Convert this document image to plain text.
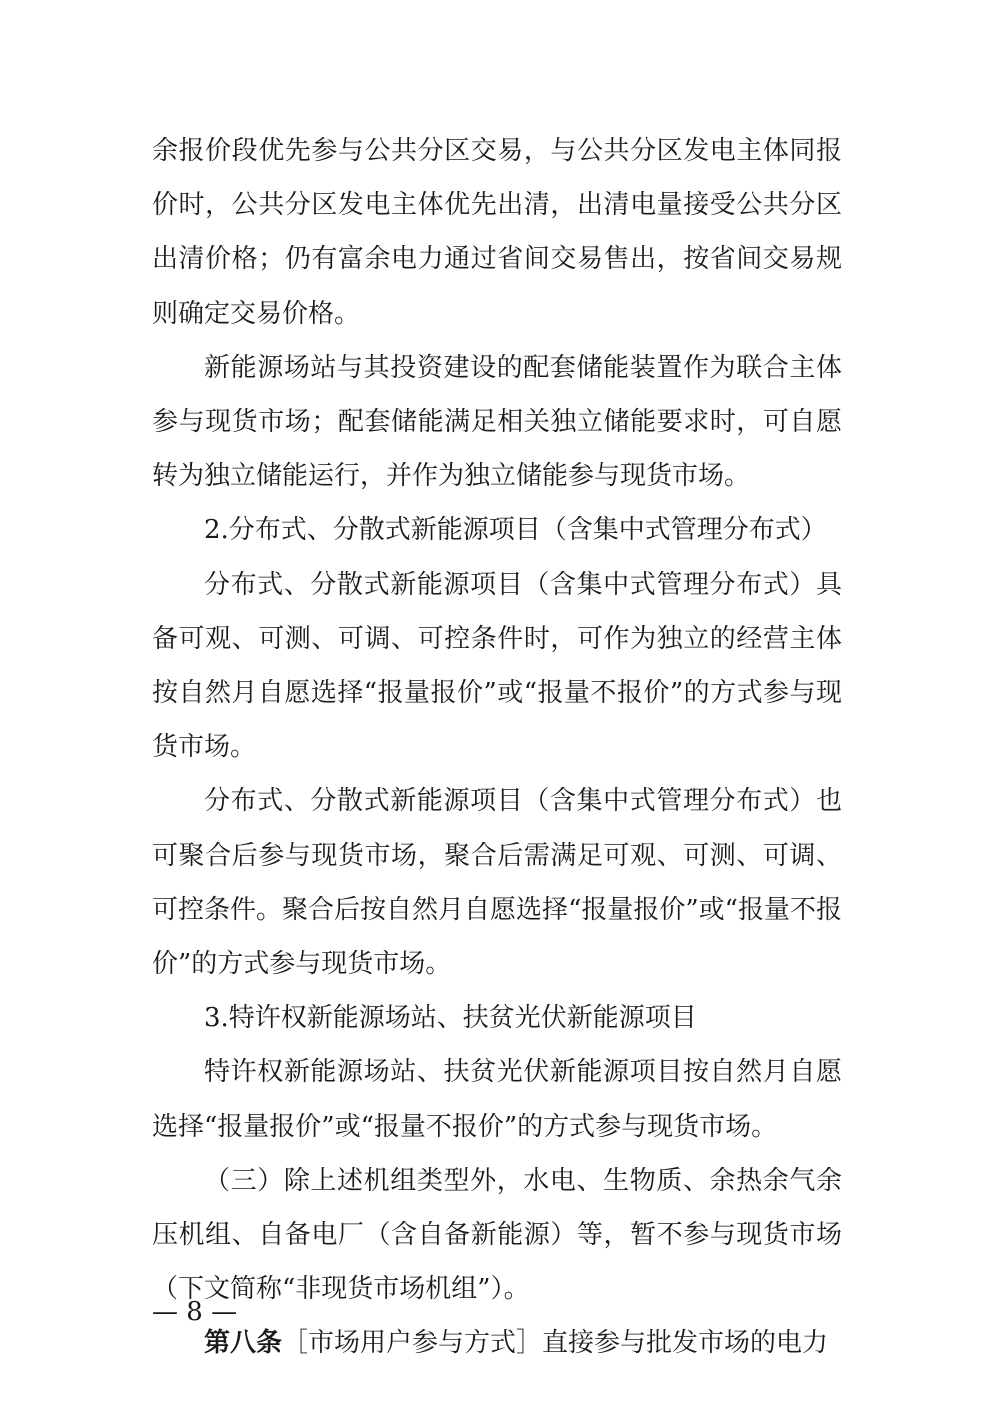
余报价段优先参与公共分区交易，与公共分区发电主体同报价时，公共分区发电主体优先出清，出清电量接受公共分区出清价格；仍有富余电力通过省间交易售出，按省间交易规则确定交易价格。

新能源场站与其投资建设的配套储能装置作为联合主体参与现货市场；配套储能满足相关独立储能要求时，可自愿转为独立储能运行，并作为独立储能参与现货市场。

2.分布式、分散式新能源项目（含集中式管理分布式）

分布式、分散式新能源项目（含集中式管理分布式）具备可观、可测、可调、可控条件时，可作为独立的经营主体按自然月自愿选择“报量报价”或“报量不报价”的方式参与现货市场。

分布式、分散式新能源项目（含集中式管理分布式）也可聚合后参与现货市场，聚合后需满足可观、可测、可调、可控条件。聚合后按自然月自愿选择“报量报价”或“报量不报价”的方式参与现货市场。

3.特许权新能源场站、扶贫光伏新能源项目

特许权新能源场站、扶贫光伏新能源项目按自然月自愿选择“报量报价”或“报量不报价”的方式参与现货市场。

（三）除上述机组类型外，水电、生物质、余热余气余压机组、自备电厂（含自备新能源）等，暂不参与现货市场（下文简称“非现货市场机组”）。

第八条［市场用户参与方式］直接参与批发市场的电力

— 8 —
